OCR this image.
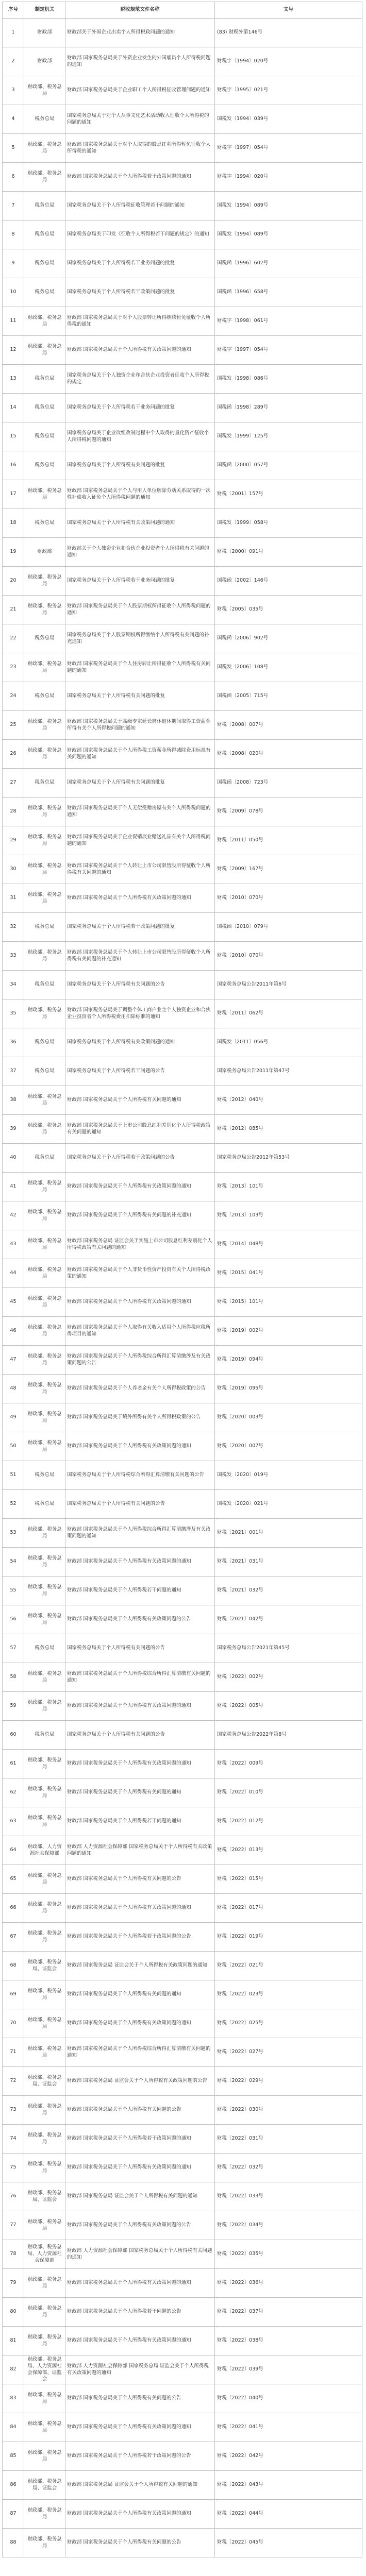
序号	制定机关	税收规范文件名称	文号
1	财政部	财政部关于外国企业出卖个人所得税政问题的通知	(83) 财税外第146号
2	财政部	财政部 国家税务总局关于外资企业发生的外国雇员个人所得税问题的通知	财税字〔1994〕020号
3	财政部、税务总局	财政部 国家税务总局关于企业职工个人所得税征收管理问题的通知	财税字〔1995〕021号
4	税务总局	国家税务总局关于对个人从事文化艺术活动收入征收个人所得税的问题的通知	国税发〔1994〕039号
5	财政部、税务总局	财政部 国家税务总局关于对个人取得的股息红利所得暂免征收个人所得税的通知	财税字〔1997〕054号
6	财政部、税务总局	财政部 国家税务总局关于个人所得税若干政策问题的通知	财税字〔1994〕020号
7	税务总局	国家税务总局关于个人所得税征收管理若干问题的通知	国税发〔1994〕089号
8	税务总局	国家税务总局关于印发《征收个人所得税若干问题的规定》的通知	国税发〔1994〕089号
9	税务总局	国家税务总局关于个人所得税若干业务问题的批复	国税函〔1996〕602号
10	税务总局	国家税务总局关于个人所得税若干政策问题的批复	国税函〔1996〕658号
11	财政部、税务总局	财政部 国家税务总局关于对个人股票转让所得继续暂免征收个人所得税的通知	财税字〔1998〕061号
12	财政部、税务总局	财政部 国家税务总局关于个人所得税有关政策问题的通知	财税字〔1997〕054号
13	税务总局	国家税务总局关于个人独资企业和合伙企业投资者征收个人所得税的规定	国税发〔1998〕086号
14	税务总局	国家税务总局关于个人所得税若干业务问题的批复	国税函〔1998〕289号
15	税务总局	国家税务总局关于企业改组改制过程中个人取得的量化资产征收个人所得税问题的通知	国税发〔1999〕125号
16	税务总局	国家税务总局关于个人所得税有关问题的批复	国税函〔2000〕057号
17	财政部、税务总局	财政部 国家税务总局关于个人与用人单位解除劳动关系取得的一次性补偿收入征免个人所得税问题的通知	财税〔2001〕157号
18	税务总局	国家税务总局关于个人所得税有关政策问题的通知	国税发〔1999〕058号
19	财政部	财政部关于个人独资企业和合伙企业投资者个人所得税有关问题的通知	财税〔2000〕091号
20	财政部、税务总局	国家税务总局关于个人所得税若干业务问题的批复	国税函〔2002〕146号
21	财政部、税务总局	财政部 国家税务总局关于个人股票期权所得征收个人所得税问题的通知	财税〔2005〕035号
22	税务总局	国家税务总局关于个人股票期权所得缴纳个人所得税有关问题的补充通知	国税函〔2006〕902号
23	财政部、税务总局	财政部 国家税务总局关于个人住房转让所得征收个人所得税有关问题的通知	国税发〔2006〕108号
24	税务总局	国家税务总局关于个人所得税有关问题的批复	国税函〔2005〕715号
25	财政部、税务总局	财政部 国家税务总局关于高级专家延长离休退休期间取得工资薪金所得有关个人所得税问题的通知	财税〔2008〕007号
26	财政部、税务总局	财政部 国家税务总局关于个人所得税工资薪金所得减除费用标准有关问题的通知	财税〔2008〕020号
27	税务总局	国家税务总局关于个人所得税有关问题的批复	国税函〔2008〕723号
28	财政部、税务总局	财政部 国家税务总局关于个人无偿受赠房屋有关个人所得税问题的通知	财税〔2009〕078号
29	财政部、税务总局	财政部 国家税务总局关于企业促销展业赠送礼品有关个人所得税问题的通知	财税〔2011〕050号
30	财政部、税务总局	财政部 国家税务总局关于个人转让上市公司限售股所得征收个人所得税有关问题的通知	财税〔2009〕167号
31	财政部、税务总局	财政部 国家税务总局关于个人所得税有关政策问题的通知	财税〔2010〕070号
32	税务总局	国家税务总局关于个人所得税若干政策问题的批复	国税函〔2010〕079号
33	财政部、税务总局	财政部 国家税务总局关于个人转让上市公司限售股所得征收个人所得税有关问题的补充通知	财税〔2010〕070号
34	税务总局	国家税务总局关于个人所得税有关问题的公告	国家税务总局公告2011年第6号
35	财政部、税务总局	财政部 国家税务总局关于调整个体工商户业主个人独资企业和合伙企业投资者个人所得税费用扣除标准的通知	财税〔2011〕062号
36	税务总局	国家税务总局关于个人所得税有关政策问题的通知	国税发〔2011〕056号
37	税务总局	国家税务总局关于个人所得税若干问题的公告	国家税务总局公告2011年第47号
38	财政部、税务总局	财政部 国家税务总局关于个人所得税有关问题的通知	财税〔2012〕040号
39	财政部、税务总局	财政部 国家税务总局关于上市公司股息红利差别化个人所得税政策有关问题的通知	财税〔2012〕085号
40	税务总局	国家税务总局关于个人所得税若干政策问题的公告	国家税务总局公告2012年第53号
41	财政部、税务总局	财政部 国家税务总局关于个人所得税有关政策问题的通知	财税〔2013〕101号
42	财政部、税务总局	财政部 国家税务总局关于个人所得税有关问题的补充通知	财税〔2013〕103号
43	财政部、税务总局	财政部 国家税务总局 证监会关于实施上市公司股息红利差别化个人所得税政策有关问题的通知	财税〔2014〕048号
44	财政部、税务总局	财政部 国家税务总局关于个人非货币性资产投资有关个人所得税政策的通知	财税〔2015〕041号
45	财政部、税务总局	财政部 国家税务总局关于个人所得税有关政策问题的通知	财税〔2015〕101号
46	财政部、税务总局	财政部 国家税务总局关于个人取得有关收入适用个人所得税应税所得项目的通知	财税〔2019〕002号
47	财政部、税务总局	财政部 国家税务总局关于个人所得税综合所得汇算清缴涉及有关政策问题的公告	财税〔2019〕094号
48	财政部、税务总局	财政部 国家税务总局关于个人养老金有关个人所得税政策的公告	财税〔2019〕095号
49	财政部、税务总局	财政部 国家税务总局关于境外所得有关个人所得税政策的公告	财税〔2020〕003号
50	财政部、税务总局	财政部 国家税务总局关于个人所得税有关政策问题的通知	财税〔2020〕007号
51	税务总局	国家税务总局关于个人所得税综合所得汇算清缴有关问题的公告	国税发〔2020〕019号
52	税务总局	国家税务总局关于个人所得税有关问题的公告	国税发〔2020〕021号
53	财政部、税务总局	财政部 国家税务总局关于个人所得税综合所得汇算清缴涉及有关政策问题的通知	财税〔2021〕001号
54	财政部、税务总局	财政部 国家税务总局关于个人所得税有关政策问题的通知	财税〔2021〕031号
55	财政部、税务总局	财政部 国家税务总局关于个人所得税若干问题的通知	财税〔2021〕032号
56	财政部、税务总局	财政部 国家税务总局关于个人所得税有关政策问题的公告	财税〔2021〕042号
57	税务总局	国家税务总局关于个人所得税有关问题的公告	国家税务总局公告2021年第45号
58	财政部、税务总局	财政部 国家税务总局关于个人所得税综合所得汇算清缴有关问题的通知	财税〔2022〕002号
59	财政部、税务总局	财政部 国家税务总局关于个人所得税有关政策问题的通知	财税〔2022〕005号
60	税务总局	国家税务总局关于个人所得税有关问题的公告	国家税务总局公告2022年第8号
61	财政部、税务总局	财政部 国家税务总局关于个人所得税有关政策问题的通知	财税〔2022〕009号
62	财政部、税务总局	财政部 国家税务总局关于个人所得税有关问题的通知	财税〔2022〕010号
63	财政部、税务总局	财政部 国家税务总局关于个人所得税若干问题的通知	财税〔2022〕012号
64	财政部、人力资源社会保障部	财政部 人力资源社会保障部 国家税务总局关于个人所得税有关政策问题的通知	财税〔2022〕013号
65	财政部、税务总局	财政部 国家税务总局关于个人所得税有关问题的公告	财税〔2022〕015号
66	财政部、税务总局	财政部 国家税务总局关于个人所得税有关政策问题的通知	财税〔2022〕017号
67	财政部、税务总局	财政部 国家税务总局关于个人所得税若干政策问题的公告	财税〔2022〕019号
68	财政部、税务总局、证监会	财政部 国家税务总局 证监会关于个人所得税有关政策问题的通知	财税〔2022〕021号
69	财政部、税务总局	财政部 国家税务总局关于个人所得税有关问题的通知	财税〔2022〕023号
70	财政部、税务总局	财政部 国家税务总局关于个人所得税有关政策问题的通知	财税〔2022〕025号
71	财政部、税务总局	财政部 国家税务总局关于个人所得税综合所得汇算清缴有关问题的通知	财税〔2022〕027号
72	财政部、税务总局、证监会	财政部 国家税务总局 证监会关于个人所得税有关政策问题的公告	财税〔2022〕029号
73	财政部、税务总局	财政部 国家税务总局关于个人所得税有关问题的公告	财税〔2022〕030号
74	财政部、税务总局	财政部 国家税务总局关于个人所得税若干政策问题的通知	财税〔2022〕031号
75	财政部、税务总局	财政部 国家税务总局关于个人所得税有关政策问题的通知	财税〔2022〕032号
76	财政部、税务总局、证监会	财政部 国家税务总局 证监会关于个人所得税有关问题的通知	财税〔2022〕033号
77	财政部、税务总局	财政部 国家税务总局关于个人所得税有关政策问题的公告	财税〔2022〕034号
78	财政部、税务总局、人力资源社会保障部	财政部 人力资源社会保障部 国家税务总局关于个人所得税有关问题的通知	财税〔2022〕035号
79	财政部、税务总局	财政部 国家税务总局关于个人所得税有关政策问题的通知	财税〔2022〕036号
80	财政部、税务总局	财政部 国家税务总局关于个人所得税若干问题的公告	财税〔2022〕037号
81	财政部、税务总局	财政部 国家税务总局关于个人所得税有关政策问题的通知	财税〔2022〕038号
82	财政部、税务总局、人力资源社会保障部、证监会	财政部 人力资源社会保障部 国家税务总局 证监会关于个人所得税有关政策问题的通知	财税〔2022〕039号
83	财政部、税务总局	财政部 国家税务总局关于个人所得税有关问题的公告	财税〔2022〕040号
84	财政部、税务总局	财政部 国家税务总局关于个人所得税有关政策问题的通知	财税〔2022〕041号
85	财政部、税务总局	财政部 国家税务总局关于个人所得税若干政策问题的公告	财税〔2022〕042号
86	财政部、税务总局、证监会	财政部 国家税务总局 证监会关于个人所得税有关问题的通知	财税〔2022〕043号
87	财政部、税务总局	财政部 国家税务总局关于个人所得税有关政策问题的通知	财税〔2022〕044号
88	财政部、税务总局	财政部 国家税务总局关于个人所得税有关问题的公告	财税〔2022〕045号
